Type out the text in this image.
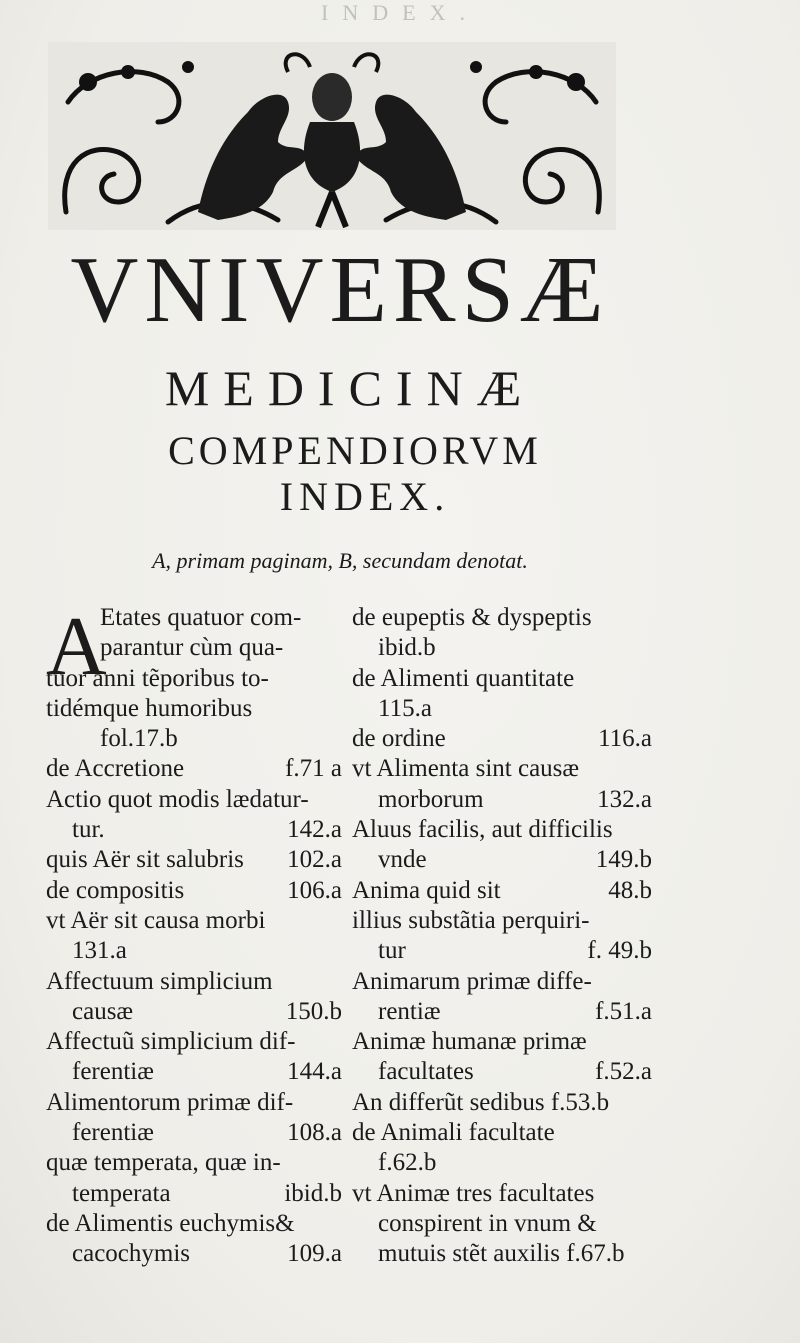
INDEX.
VNIVERSÆ
MEDICINÆ
COMPENDIORVM
INDEX.
A, primam paginam, B, secundam denotat.
A
Etates quatuor com-
parantur cùm qua-
tuor anni tẽporibus to-
tidémque humoribus
fol.17.b
de Accretione	f.71 a
Actio quot modis lædatur-
tur.	142.a
quis Aër sit salubris 102.a
de compositis	106.a
vt Aër sit causa morbi
131.a
Affectuum simplicium
causæ	150.b
Affectuũ simplicium dif-
ferentiæ	144.a
Alimentorum primæ dif-
ferentiæ	108.a
quæ temperata, quæ in-
temperata	ibid.b
de Alimentis euchymis&
cacochymis	109.a
de eupeptis & dyspeptis
ibid.b
de Alimenti quantitate
115.a
de ordine	116.a
vt Alimenta sint causæ
morborum	132.a
Aluus facilis, aut difficilis
vnde	149.b
Anima quid sit	48.b
illius substãtia perquiri-
tur	f. 49.b
Animarum primæ diffe-
rentiæ	f.51.a
Animæ humanæ primæ
facultates	f.52.a
An differũt sedibus f.53.b
de Animali facultate
f.62.b
vt Animæ tres facultates
conspirent in vnum &
mutuis stẽt auxilis f.67.b
